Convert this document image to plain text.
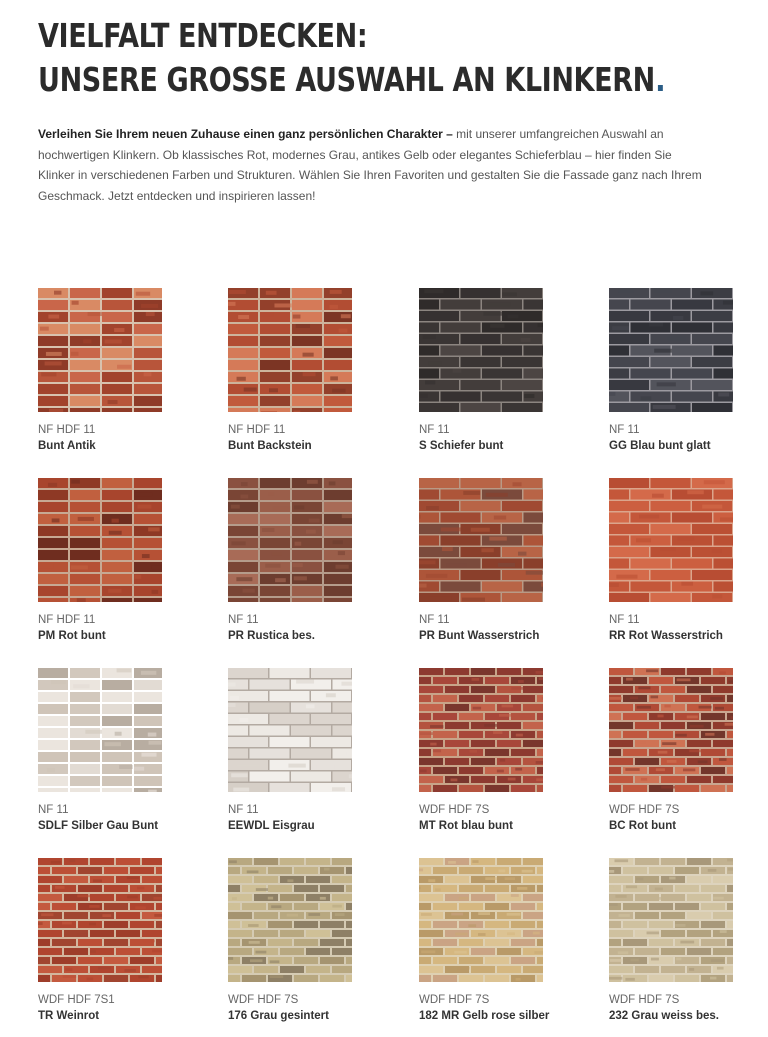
VIELFALT ENTDECKEN:
UNSERE GROSSE AUSWAHL AN KLINKERN

Verleihen Sie Ihrem neuen Zuhause einen ganz persönlichen Charakter – mit unserer umfangreichen Auswahl an hochwertigen Klinkern. Ob klassisches Rot, modernes Grau, antikes Gelb oder elegantes Schieferblau – hier finden Sie Klinker in verschiedenen Farben und Strukturen. Wählen Sie Ihren Favoriten und gestalten Sie die Fassade ganz nach Ihrem Geschmack. Jetzt entdecken und inspirieren lassen!

NF HDF 11
Bunt Antik
NF HDF 11
Bunt Backstein
NF 11
S Schiefer bunt
NF 11
GG Blau bunt glatt
NF HDF 11
PM Rot bunt
NF 11
PR Rustica bes.
NF 11
PR Bunt Wasserstrich
NF 11
RR Rot Wasserstrich
NF 11
SDLF Silber Gau Bunt
NF 11
EEWDL Eisgrau
WDF HDF 7S
MT Rot blau bunt
WDF HDF 7S
BC Rot bunt
WDF HDF 7S1
TR Weinrot
WDF HDF 7S
176 Grau gesintert
WDF HDF 7S
182 MR Gelb rose silber
WDF HDF 7S
232 Grau weiss bes.
